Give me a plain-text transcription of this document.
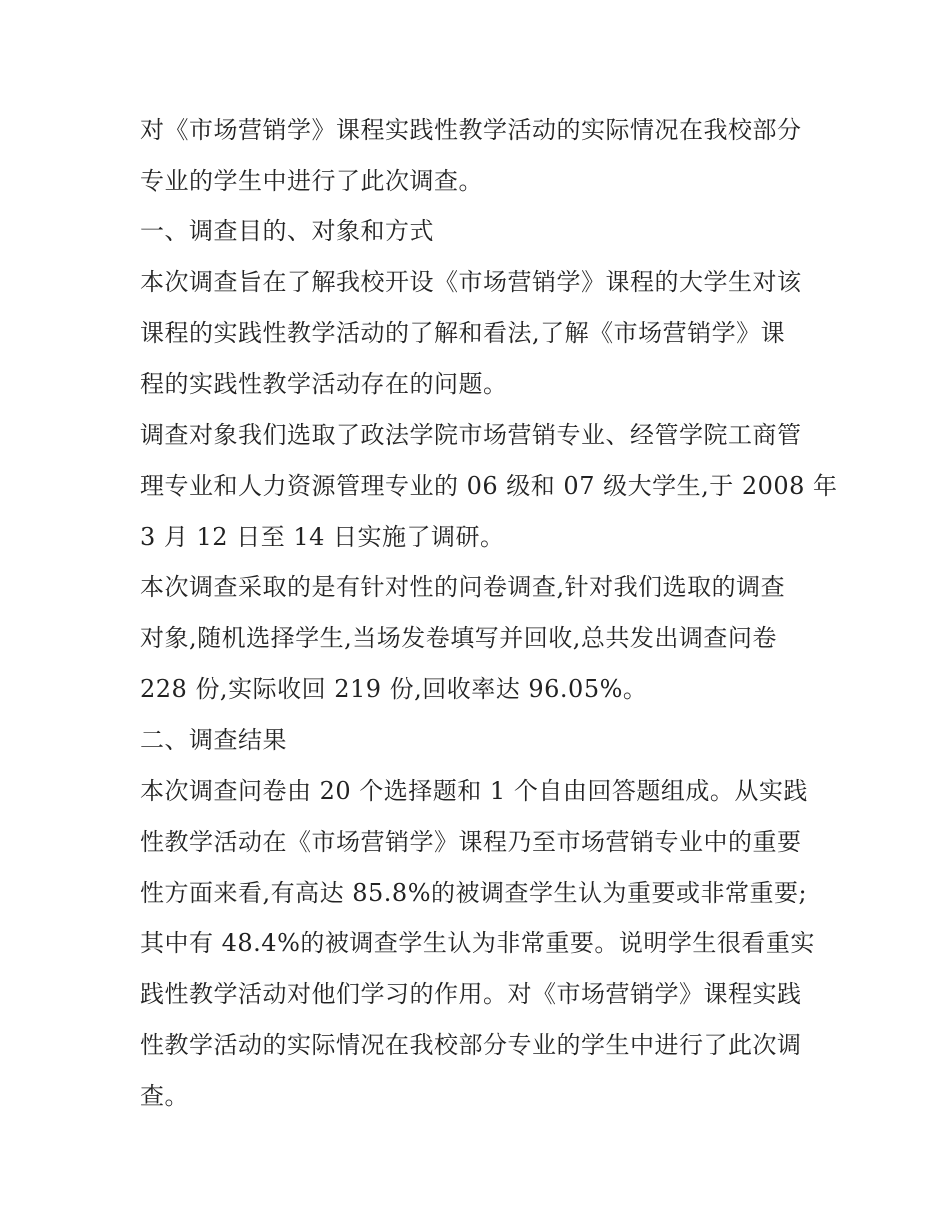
对《市场营销学》课程实践性教学活动的实际情况在我校部分
专业的学生中进行了此次调查。
一、调查目的、对象和方式
本次调查旨在了解我校开设《市场营销学》课程的大学生对该
课程的实践性教学活动的了解和看法,了解《市场营销学》课
程的实践性教学活动存在的问题。
调查对象我们选取了政法学院市场营销专业、经管学院工商管
理专业和人力资源管理专业的 06 级和 07 级大学生,于 2008 年
3 月 12 日至 14 日实施了调研。
本次调查采取的是有针对性的问卷调查,针对我们选取的调查
对象,随机选择学生,当场发卷填写并回收,总共发出调查问卷
228 份,实际收回 219 份,回收率达 96.05%。
二、调查结果
本次调查问卷由 20 个选择题和 1 个自由回答题组成。从实践
性教学活动在《市场营销学》课程乃至市场营销专业中的重要
性方面来看,有高达 85.8%的被调查学生认为重要或非常重要;
其中有 48.4%的被调查学生认为非常重要。说明学生很看重实
践性教学活动对他们学习的作用。对《市场营销学》课程实践
性教学活动的实际情况在我校部分专业的学生中进行了此次调
查。
